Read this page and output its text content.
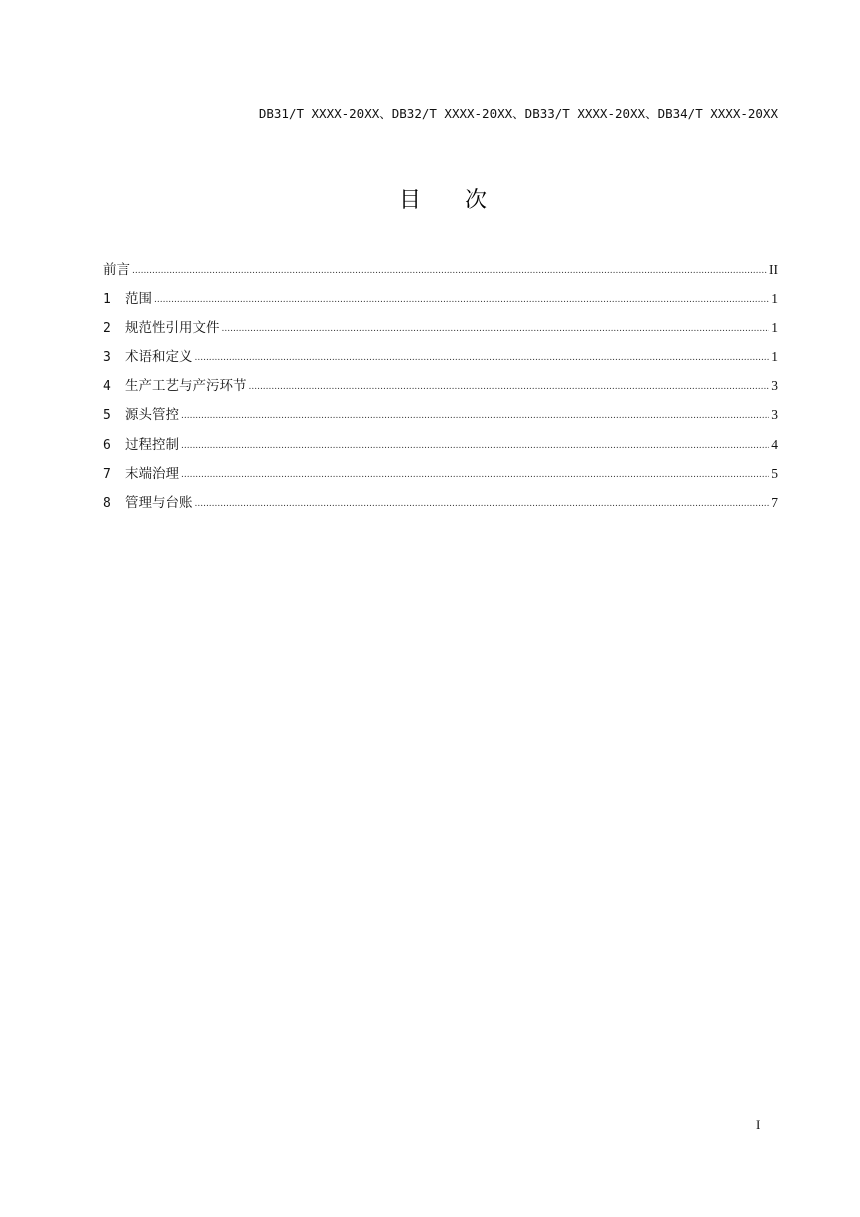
DB31/T XXXX-20XX、DB32/T XXXX-20XX、DB33/T XXXX-20XX、DB34/T XXXX-20XX
目 次
前言 .....	II
1	范围 .....	1
2	规范性引用文件 .....	1
3	术语和定义 .....	1
4	生产工艺与产污环节 .....	3
5	源头管控 .....	3
6	过程控制 .....	4
7	末端治理 .....	5
8	管理与台账 .....	7
I
